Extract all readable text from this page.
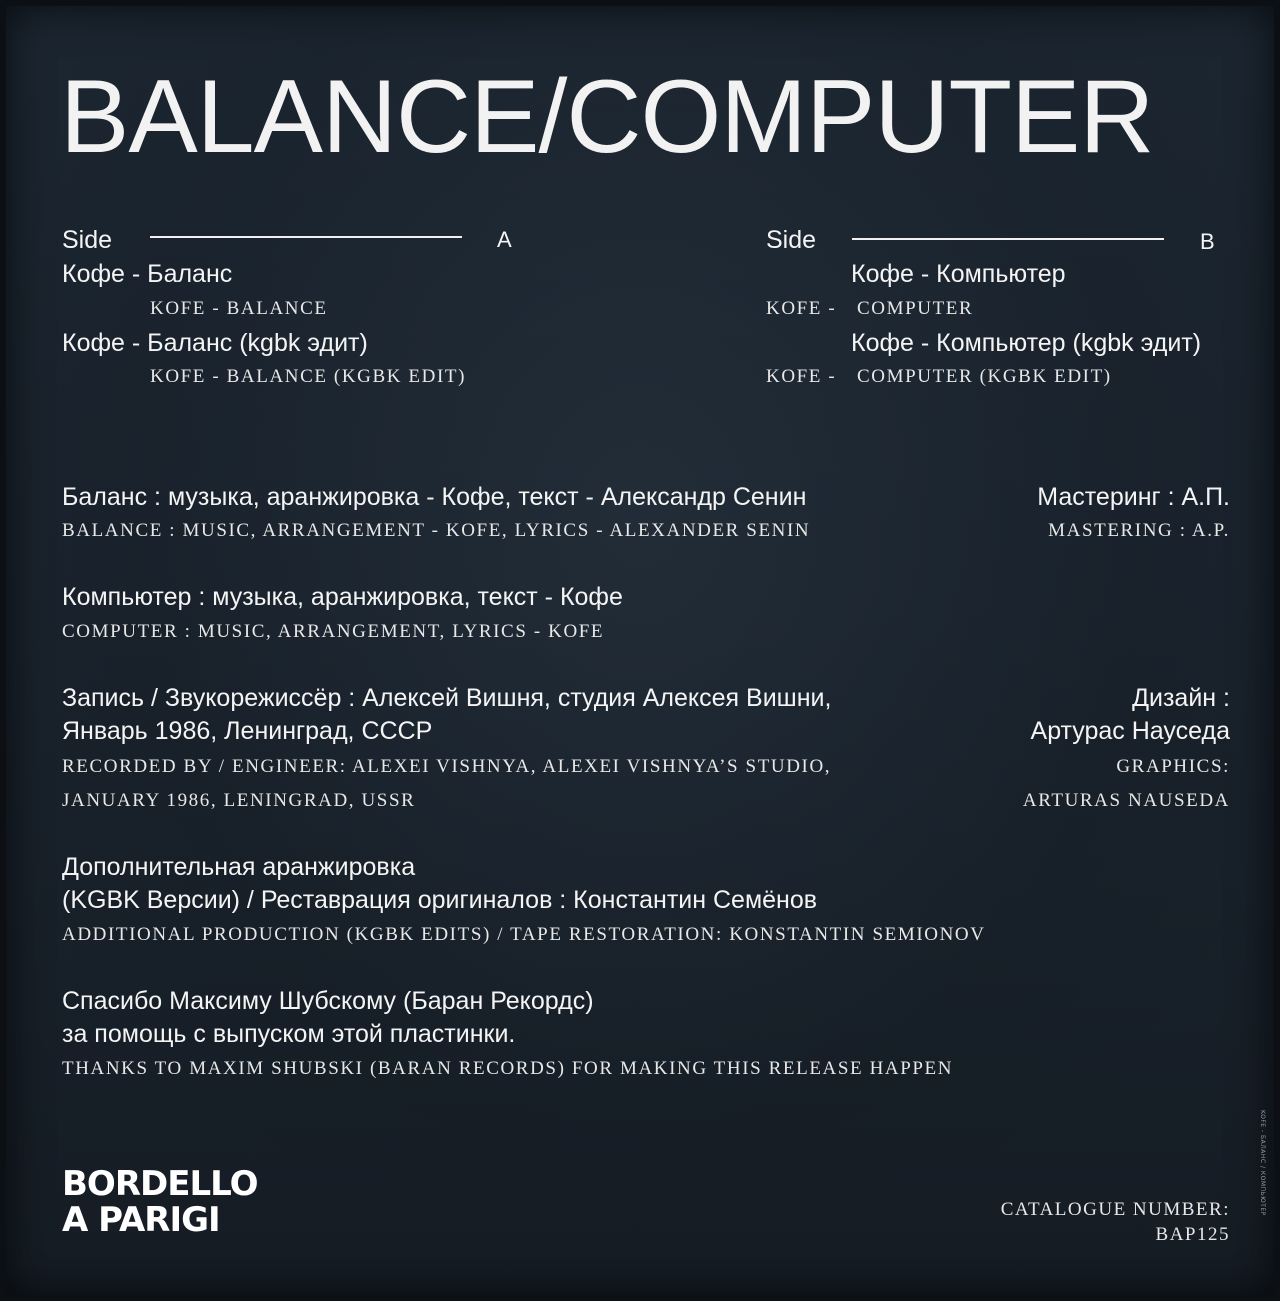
BALANCE/COMPUTER
Side	A
Кофе - Баланс
KOFE - BALANCE
Кофе - Баланс (kgbk эдит)
KOFE - BALANCE (KGBK EDIT)
Side	B
Кофе - Компьютер
KOFE - COMPUTER
Кофе - Компьютер (kgbk эдит)
KOFE - COMPUTER (KGBK EDIT)
Баланс : музыка, аранжировка - Кофе, текст - Александр Сенин
BALANCE : MUSIC, ARRANGEMENT - KOFE, LYRICS - ALEXANDER SENIN
Мастеринг : А.П.
MASTERING : A.P.
Компьютер : музыка, аранжировка, текст - Кофе
COMPUTER : MUSIC, ARRANGEMENT, LYRICS - KOFE
Запись / Звукорежиссёр : Алексей Вишня, студия Алексея Вишни,
Январь 1986, Ленинград, СССР
RECORDED BY / ENGINEER: ALEXEI VISHNYA, ALEXEI VISHNYA’S STUDIO,
JANUARY 1986, LENINGRAD, USSR
Дизайн :
Артурас Науседа
GRAPHICS:
ARTURAS NAUSEDA
Дополнительная аранжировка
(KGBK Версии) / Реставрация оригиналов : Константин Семёнов
ADDITIONAL PRODUCTION (KGBK EDITS) / TAPE RESTORATION: KONSTANTIN SEMIONOV
Спасибо Максиму Шубскому (Баран Рекордс)
за помощь с выпуском этой пластинки.
THANKS TO MAXIM SHUBSKI (BARAN RECORDS) FOR MAKING THIS RELEASE HAPPEN
BORDELLO
A PARIGI	CATALOGUE NUMBER:
BAP125
KOFE - БАЛАНС / КОМПЬЮТЕР
